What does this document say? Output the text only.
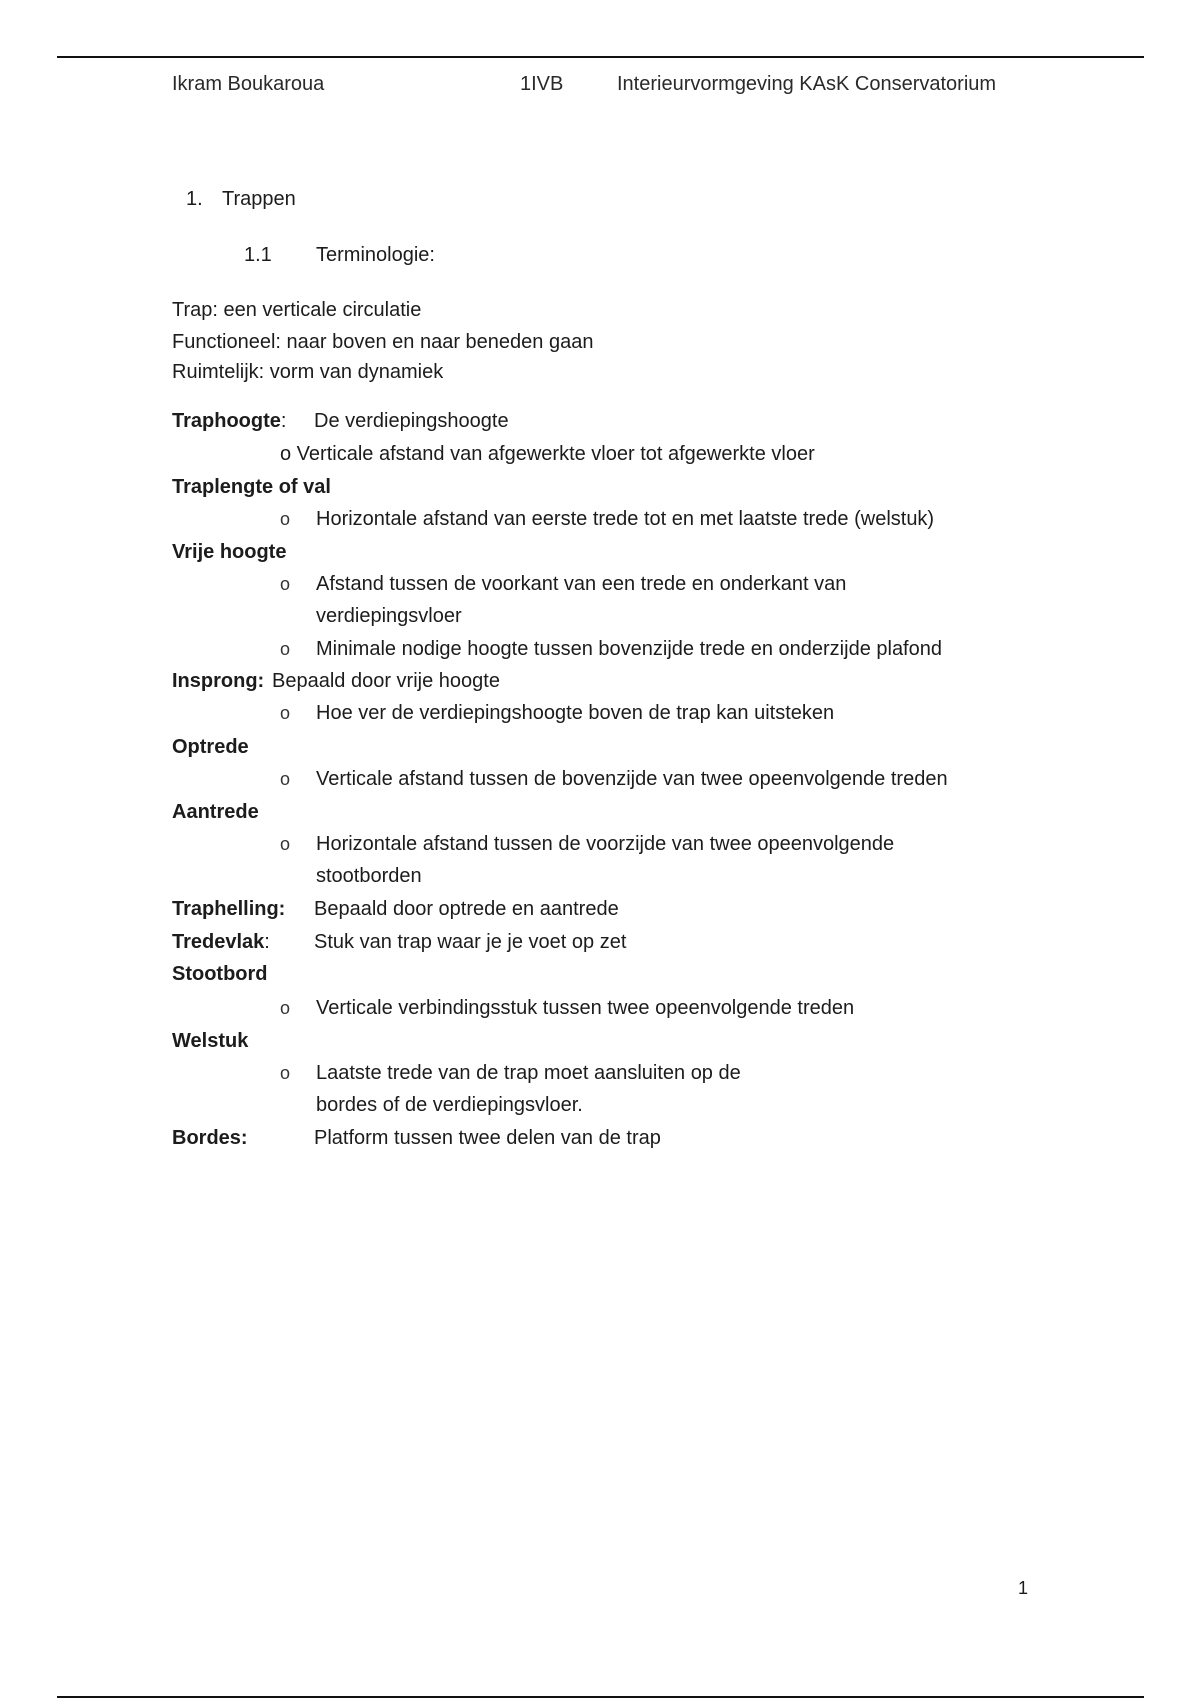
Ikram Boukaroua	1IVB	Interieurvormgeving KAsK Conservatorium
1. Trappen
1.1 Terminologie:
Trap: een verticale circulatie
Functioneel: naar boven en naar beneden gaan
Ruimtelijk: vorm van dynamiek
Traphoogte: De verdiepingshoogte
o Verticale afstand van afgewerkte vloer tot afgewerkte vloer
Traplengte of val
o Horizontale afstand van eerste trede tot en met laatste trede (welstuk)
Vrije hoogte
o Afstand tussen de voorkant van een trede en onderkant van
verdiepingsvloer
o Minimale nodige hoogte tussen bovenzijde trede en onderzijde plafond
Insprong: Bepaald door vrije hoogte
o Hoe ver de verdiepingshoogte boven de trap kan uitsteken
Optrede
o Verticale afstand tussen de bovenzijde van twee opeenvolgende treden
Aantrede
o Horizontale afstand tussen de voorzijde van twee opeenvolgende
stootborden
Traphelling: Bepaald door optrede en aantrede
Tredevlak: Stuk van trap waar je je voet op zet
Stootbord
o Verticale verbindingsstuk tussen twee opeenvolgende treden
Welstuk
o Laatste trede van de trap moet aansluiten op de
bordes of de verdiepingsvloer.
Bordes:	Platform tussen twee delen van de trap
1
